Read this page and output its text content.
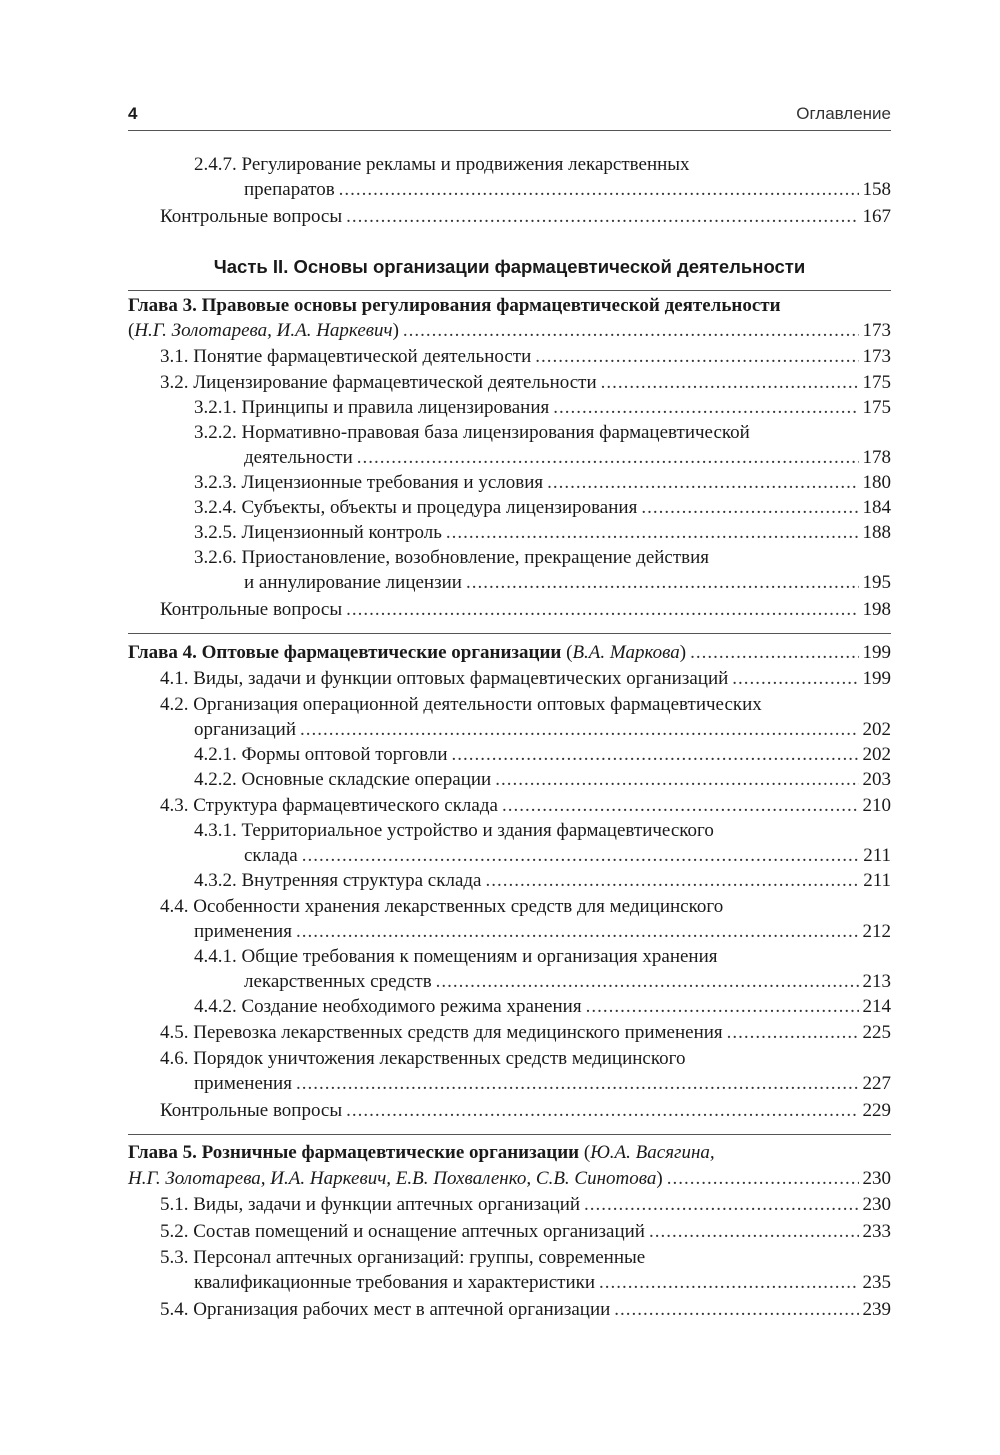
4	Оглавление
2.4.7. Регулирование рекламы и продвижения лекарственных
препаратов .....	158
Контрольные вопросы .....	167
Часть II. Основы организации фармацевтической деятельности
Глава 3. Правовые основы регулирования фармацевтической деятельности
(Н.Г. Золотарева, И.А. Наркевич) .....	173
3.1. Понятие фармацевтической деятельности .....	173
3.2. Лицензирование фармацевтической деятельности .....	175
3.2.1. Принципы и правила лицензирования .....	175
3.2.2. Нормативно-правовая база лицензирования фармацевтической
деятельности .....	178
3.2.3. Лицензионные требования и условия .....	180
3.2.4. Субъекты, объекты и процедура лицензирования .....	184
3.2.5. Лицензионный контроль .....	188
3.2.6. Приостановление, возобновление, прекращение действия
и аннулирование лицензии .....	195
Контрольные вопросы .....	198
Глава 4. Оптовые фармацевтические организации (В.А. Маркова) .....	199
4.1. Виды, задачи и функции оптовых фармацевтических организаций .....	199
4.2. Организация операционной деятельности оптовых фармацевтических
организаций .....	202
4.2.1. Формы оптовой торговли .....	202
4.2.2. Основные складские операции .....	203
4.3. Структура фармацевтического склада .....	210
4.3.1. Территориальное устройство и здания фармацевтического
склада .....	211
4.3.2. Внутренняя структура склада .....	211
4.4. Особенности хранения лекарственных средств для медицинского
применения .....	212
4.4.1. Общие требования к помещениям и организация хранения
лекарственных средств .....	213
4.4.2. Создание необходимого режима хранения .....	214
4.5. Перевозка лекарственных средств для медицинского применения .....	225
4.6. Порядок уничтожения лекарственных средств медицинского
применения .....	227
Контрольные вопросы .....	229
Глава 5. Розничные фармацевтические организации (Ю.А. Васягина,
Н.Г. Золотарева, И.А. Наркевич, Е.В. Похваленко, С.В. Синотова) .....	230
5.1. Виды, задачи и функции аптечных организаций .....	230
5.2. Состав помещений и оснащение аптечных организаций .....	233
5.3. Персонал аптечных организаций: группы, современные
квалификационные требования и характеристики .....	235
5.4. Организация рабочих мест в аптечной организации .....	239
